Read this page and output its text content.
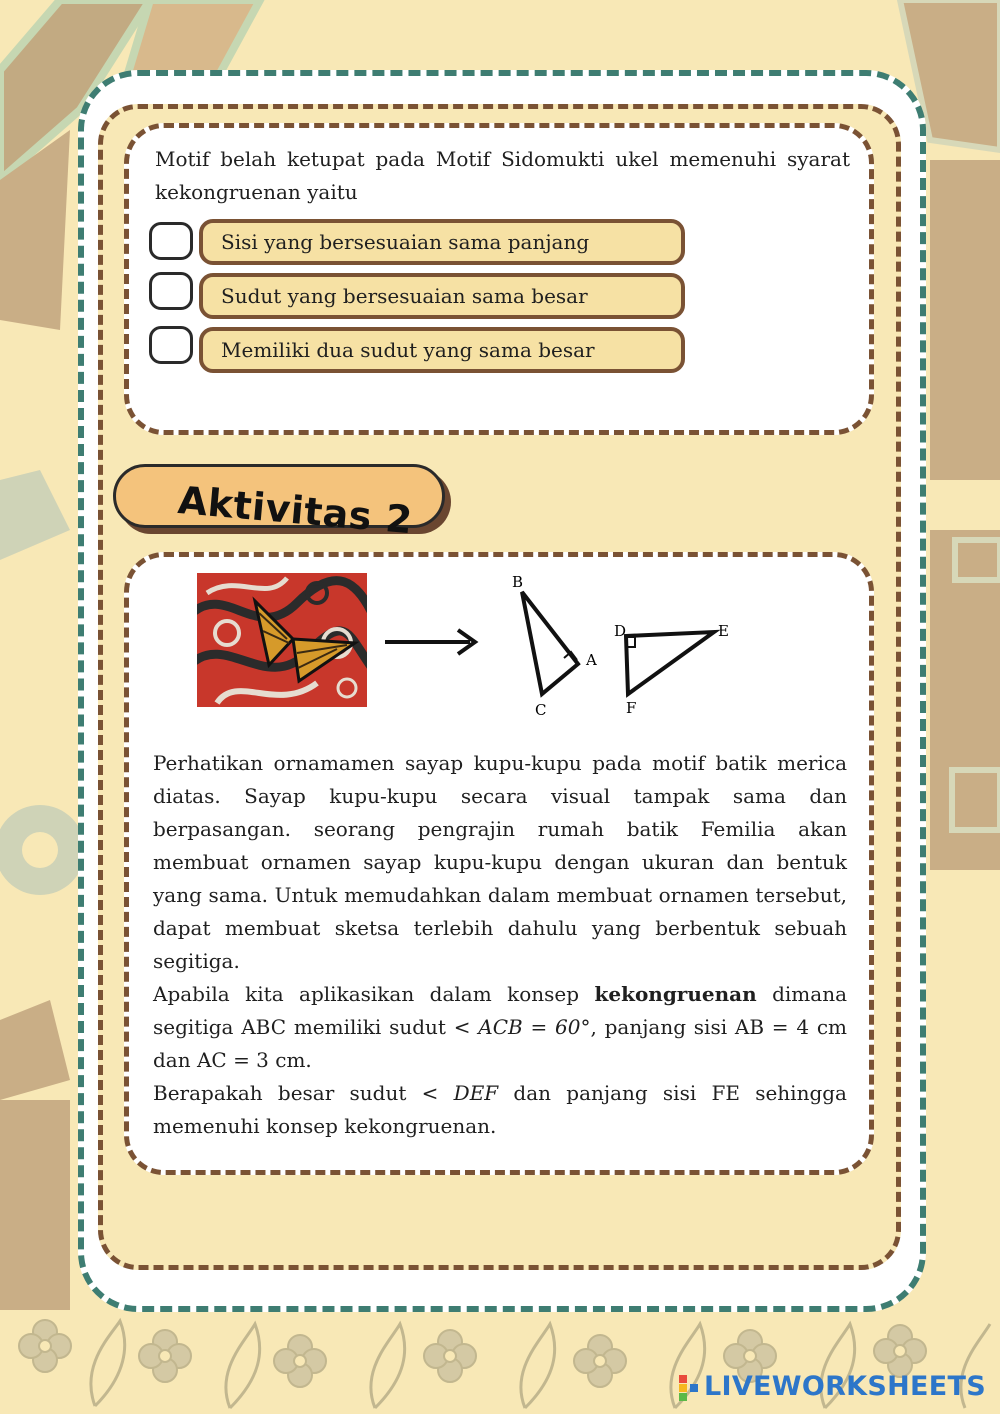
Motif belah ketupat pada Motif Sidomukti ukel memenuhi syarat kekongruenan yaitu
Sisi yang bersesuaian sama panjang
Sudut yang bersesuaian sama besar
Memiliki dua sudut yang sama besar
Aktivitas 2
B
A
C
D	E
F

Perhatikan ornamamen sayap kupu-kupu pada motif batik merica diatas. Sayap kupu-kupu secara visual tampak sama dan berpasangan. seorang pengrajin rumah batik Femilia akan membuat ornamen sayap kupu-kupu dengan ukuran dan bentuk yang sama. Untuk memudahkan dalam membuat ornamen tersebut, dapat membuat sketsa terlebih dahulu yang berbentuk sebuah segitiga.

Apabila kita aplikasikan dalam konsep kekongruenan dimana segitiga ABC memiliki sudut < ACB = 60°, panjang sisi AB = 4 cm dan AC = 3 cm.

Berapakah besar sudut < DEF dan panjang sisi FE sehingga memenuhi konsep kekongruenan.

LIVEWORKSHEETS
